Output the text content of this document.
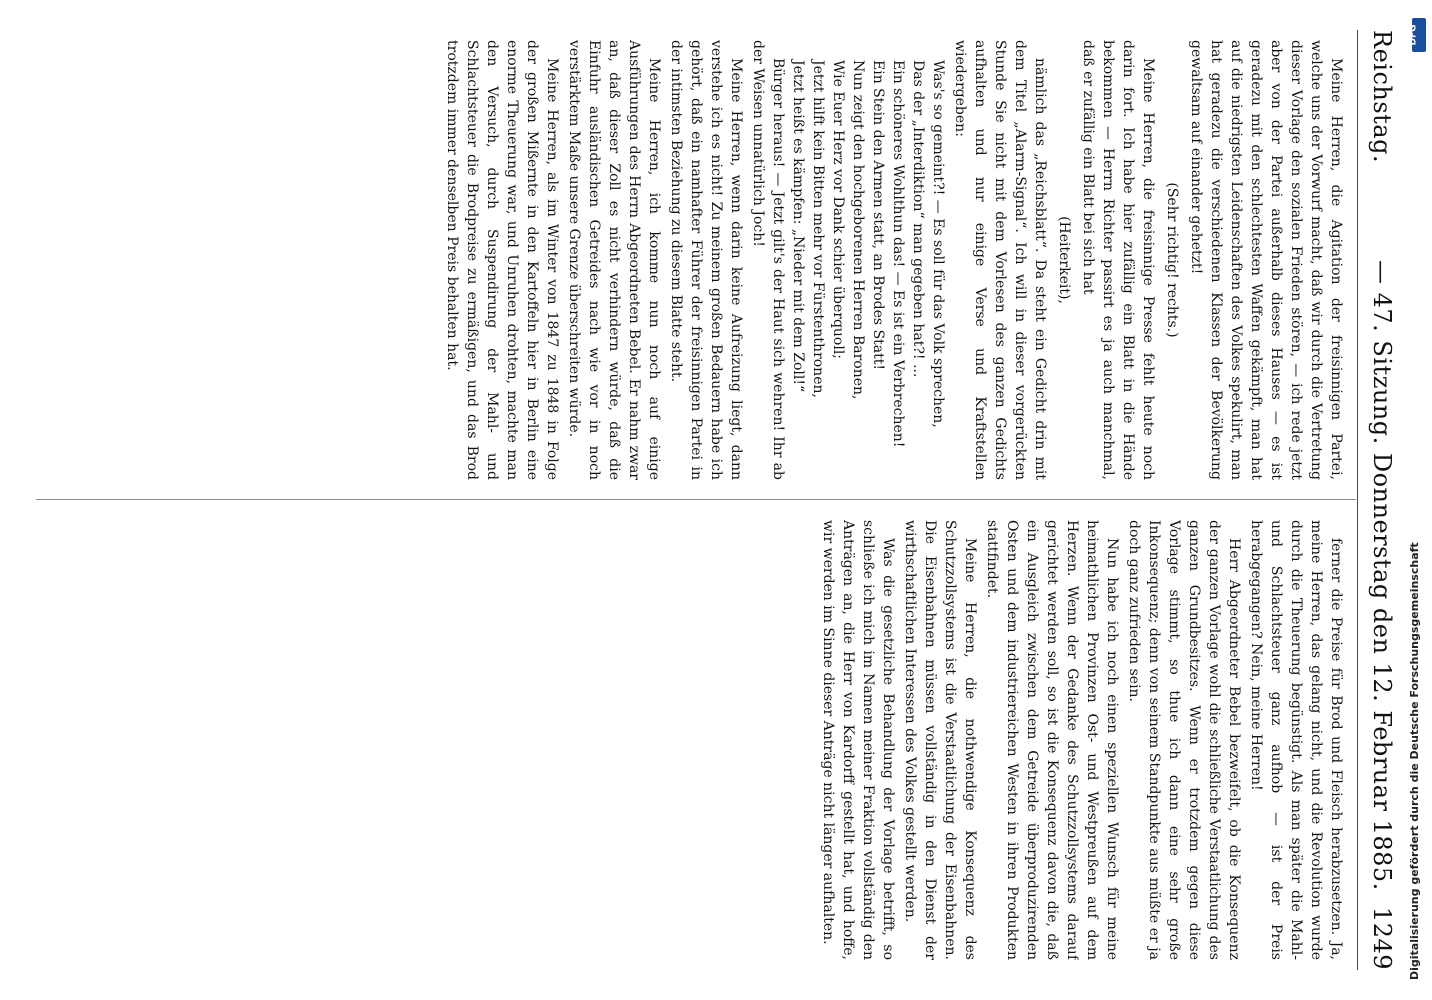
Reichstag.
— 47. Sitzung. Donnerstag den 12. Februar 1885.
1249

Meine Herren, die Agitation der freisinnigen Partei, welche uns der Vorwurf macht, daß wir durch die Vertretung dieser Vorlage den sozialen Frieden stören, — ich rede jetzt aber von der Partei außerhalb dieses Hauses — es ist geradezu mit den schlechtesten Waffen gekämpft, man hat auf die niedrigsten Leidenschaften des Volkes spekulirt, man hat geradezu die verschiedenen Klassen der Bevölkerung gewaltsam auf einander gehetzt!

(Sehr richtig! rechts.)

Meine Herren, die freisinnige Presse fehlt heute noch darin fort. Ich habe hier zufällig ein Blatt in die Hände bekommen — Herrn Richter passirt es ja auch manchmal, daß er zufällig ein Blatt bei sich hat

(Heiterkeit),

nämlich das „Reichsblatt“. Da steht ein Gedicht drin mit dem Titel „Alarm-Signal“. Ich will in dieser vorgerückten Stunde Sie nicht mit dem Vorlesen des ganzen Gedichts aufhalten und nur einige Verse und Kraftstellen wiedergeben:

Was's so gemeint?! — Es soll für das Volk sprechen,

Das der „Interdiktion“ man gegeben hat?! ...

Ein schöneres Wohlthun das! — Es ist ein Verbrechen!

Ein Stein den Armen statt, an Brodes Statt!

Nun zeigt den hochgeborenen Herren Baronen,

Wie Euer Herz vor Dank schier überquoll;

Jetzt hilft kein Bitten mehr vor Fürstenthronen,

Jetzt heißt es kämpfen: „Nieder mit dem Zoll!“

Bürger heraus! — Jetzt gilt's der Haut sich wehren! Ihr ab der Weisen unnatürlich Joch!

Meine Herren, wenn darin keine Aufreizung liegt, dann verstehe ich es nicht! Zu meinem großen Bedauern habe ich gehört, daß ein namhafter Führer der freisinnigen Partei in der intimsten Beziehung zu diesem Blatte steht.

Meine Herren, ich komme nun noch auf einige Ausführungen des Herrn Abgeordneten Bebel. Er nahm zwar an, daß dieser Zoll es nicht verhindern würde, daß die Einfuhr ausländischen Getreides nach wie vor in noch verstärktem Maße unsere Grenze überschreiten würde.

Meine Herren, als im Winter von 1847 zu 1848 in Folge der großen Mißernte in den Kartoffeln hier in Berlin eine enorme Theuerung war, und Unruhen drohten, machte man den Versuch, durch Suspendirung der Mahl- und Schlachtsteuer die Brodpreise zu ermäßigen, und das Brod trotzdem immer denselben Preis behalten hat.

ferner die Preise für Brod und Fleisch herabzusetzen. Ja, meine Herren, das gelang nicht, und die Revolution wurde durch die Theuerung begünstigt. Als man später die Mahl- und Schlachtsteuer ganz aufhob — ist der Preis herabgegangen? Nein, meine Herren!

Herr Abgeordneter Bebel bezweifelt, ob die Konsequenz der ganzen Vorlage wohl die schließliche Verstaatlichung des ganzen Grundbesitzes. Wenn er trotzdem gegen diese Vorlage stimmt, so thue ich dann eine sehr große Inkonsequenz; denn von seinem Standpunkte aus müßte er ja doch ganz zufrieden sein.

Nun habe ich noch einen speziellen Wunsch für meine heimathlichen Provinzen Ost- und Westpreußen auf dem Herzen. Wenn der Gedanke des Schutzzollsystems darauf gerichtet werden soll, so ist die Konsequenz davon die, daß ein Ausgleich zwischen dem Getreide überproduzirenden Osten und dem industriereichen Westen in ihren Produkten stattfindet.

Meine Herren, die nothwendige Konsequenz des Schutzzollsystems ist die Verstaatlichung der Eisenbahnen. Die Eisenbahnen müssen vollständig in den Dienst der wirthschaftlichen Interessen des Volkes gestellt werden.

Was die gesetzliche Behandlung der Vorlage betrifft, so schließe ich mich im Namen meiner Fraktion vollständig den Anträgen an, die Herr von Kardorff gestellt hat, und hoffe, wir werden im Sinne dieser Anträge nicht länger aufhalten.	Digitalisierung gefördert durch die Deutsche Forschungsgemeinschaft
DFG
